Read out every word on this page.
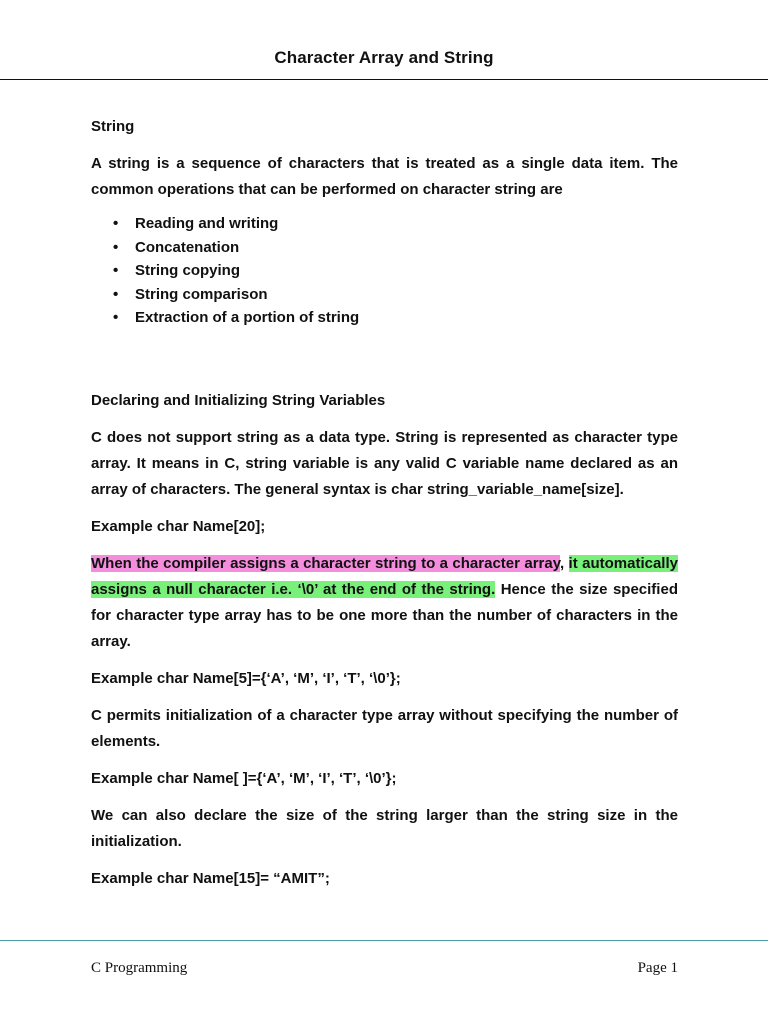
Character Array and String

String

A string is a sequence of characters that is treated as a single data item. The common operations that can be performed on character string are

• Reading and writing
• Concatenation
• String copying
• String comparison
• Extraction of a portion of string

Declaring and Initializing String Variables

C does not support string as a data type. String is represented as character type array. It means in C, string variable is any valid C variable name declared as an array of characters. The general syntax is char string_variable_name[size].

Example char Name[20];

When the compiler assigns a character string to a character array, it automatically assigns a null character i.e. ‘\0’ at the end of the string. Hence the size specified for character type array has to be one more than the number of characters in the array.

Example char Name[5]={‘A’, ‘M’, ‘I’, ‘T’, ‘\0’};

C permits initialization of a character type array without specifying the number of elements.

Example char Name[ ]={‘A’, ‘M’, ‘I’, ‘T’, ‘\0’};

We can also declare the size of the string larger than the string size in the initialization.

Example char Name[15]= “AMIT”;

C Programming	Page 1
